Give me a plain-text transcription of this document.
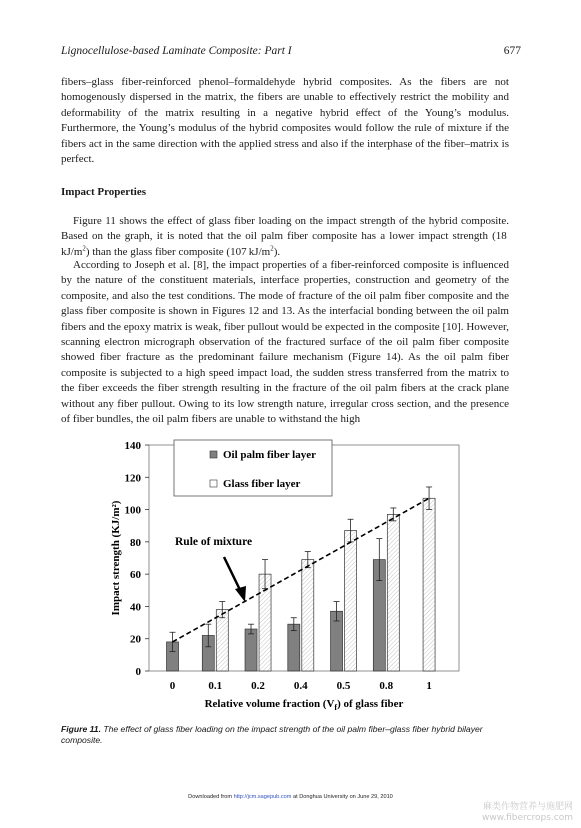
Lignocellulose-based Laminate Composite: Part I	677

fibers–glass fiber-reinforced phenol–formaldehyde hybrid composites. As the fibers are not homogenously dispersed in the matrix, the fibers are unable to effectively restrict the mobility and deformability of the matrix resulting in a negative hybrid effect of the Young’s modulus. Furthermore, the Young’s modulus of the hybrid composites would follow the rule of mixture if the fibers act in the same direction with the applied stress and also if the interphase of the fiber–matrix is perfect.

Impact Properties

Figure 11 shows the effect of glass fiber loading on the impact strength of the hybrid composite. Based on the graph, it is noted that the oil palm fiber composite has a lower impact strength (18 $kJ/m^2$) than the glass fiber composite (107 $kJ/m^2$).

According to Joseph et al. [8], the impact properties of a fiber-reinforced composite is influenced by the nature of the constituent materials, interface properties, construction and geometry of the composite, and also the test conditions. The mode of fracture of the oil palm fiber composite and the glass fiber composite is shown in Figures 12 and 13. As the interfacial bonding between the oil palm fibers and the epoxy matrix is weak, fiber pullout would be expected in the composite [10]. However, scanning electron micrograph observation of the fractured surface of the oil palm fiber composite showed fiber fracture as the predominant failure mechanism (Figure 14). As the oil palm fiber composite is subjected to a high speed impact load, the sudden stress transferred from the matrix to the fiber exceeds the fiber strength resulting in the fracture of the oil palm fibers at the crack plane without any fiber pullout. Owing to its low strength nature, irregular cross section, and the presence of fiber bundles, the oil palm fibers are unable to withstand the high

0
20
40
60
80
100
120
140
0	0.1	0.2	0.4	0.5	0.8	1
Rule of mixture
Oil palm fiber layer
Glass fiber layer
Impact strength (KJ/m²)
Relative volume fraction $(V_f)$ of glass fiber
Figure 11. The effect of glass fiber loading on the impact strength of the oil palm fiber–glass fiber hybrid bilayer composite.
Downloaded from http://jcm.sagepub.com at Donghua University on June 29, 2010
麻类作物营养与施肥网
www.fibercrops.com
